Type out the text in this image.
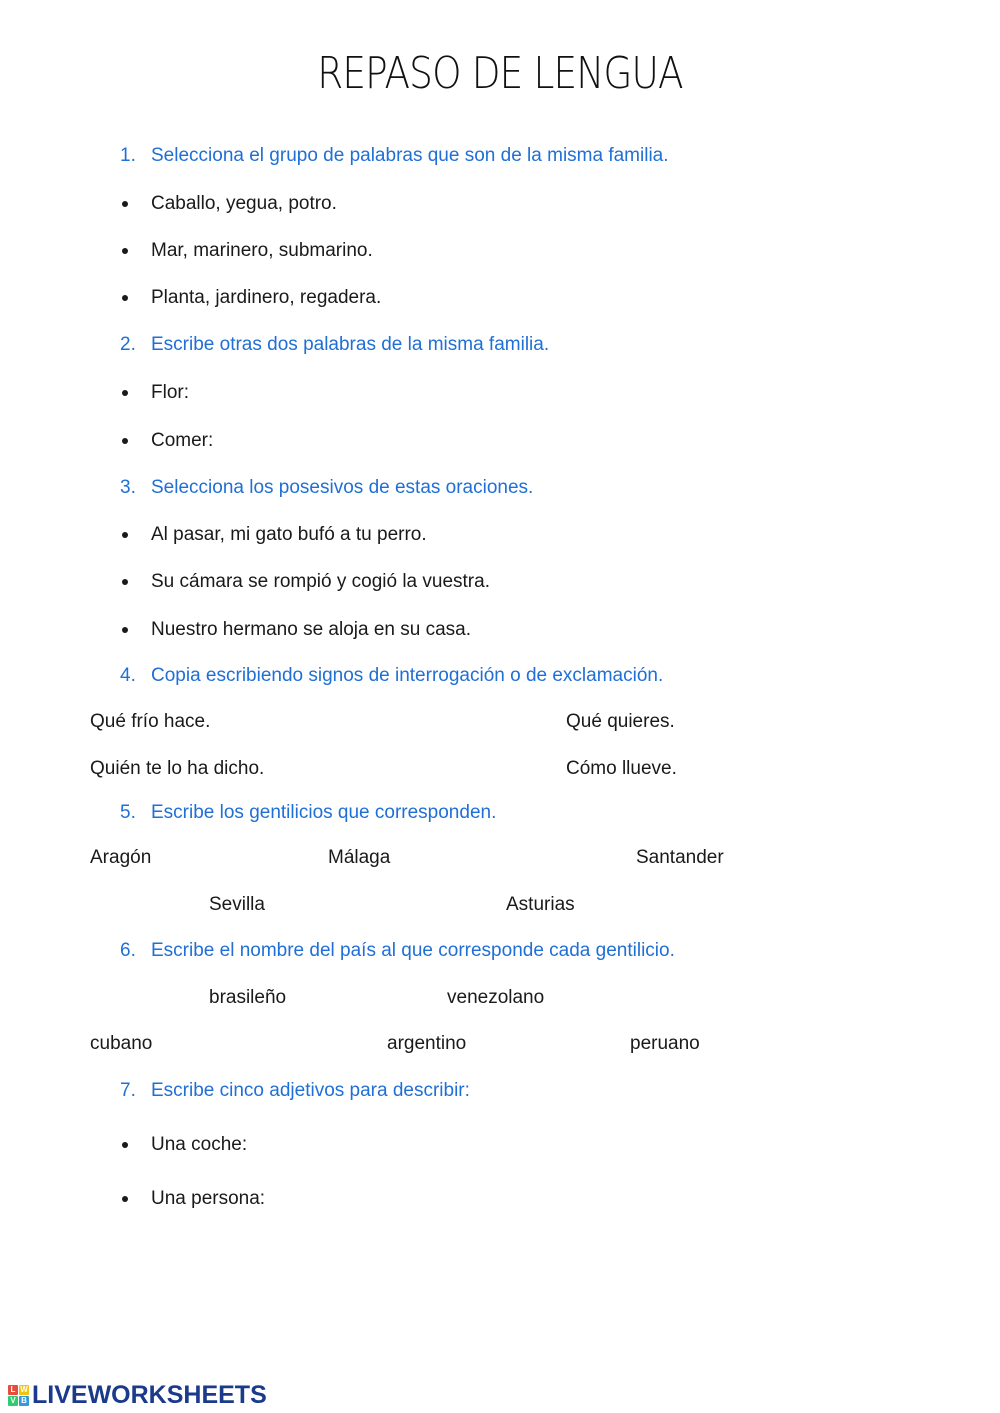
REPASO DE LENGUA
1. Selecciona el grupo de palabras que son de la misma familia.
Caballo, yegua, potro.
Mar, marinero, submarino.
Planta, jardinero, regadera.
2. Escribe otras dos palabras de la misma familia.
Flor:
Comer:
3. Selecciona los posesivos de estas oraciones.
Al pasar, mi gato bufó a tu perro.
Su cámara se rompió y cogió la vuestra.
Nuestro hermano se aloja en su casa.
4. Copia escribiendo signos de interrogación o de exclamación.
Qué frío hace.	Qué quieres.
Quién te lo ha dicho.	Cómo llueve.
5. Escribe los gentilicios que corresponden.
Aragón	Málaga	Santander
Sevilla	Asturias
6. Escribe el nombre del país al que corresponde cada gentilicio.
brasileño	venezolano
cubano	argentino	peruano
7. Escribe cinco adjetivos para describir:
Una coche:
Una persona:
L W
V B LIVEWORKSHEETS
